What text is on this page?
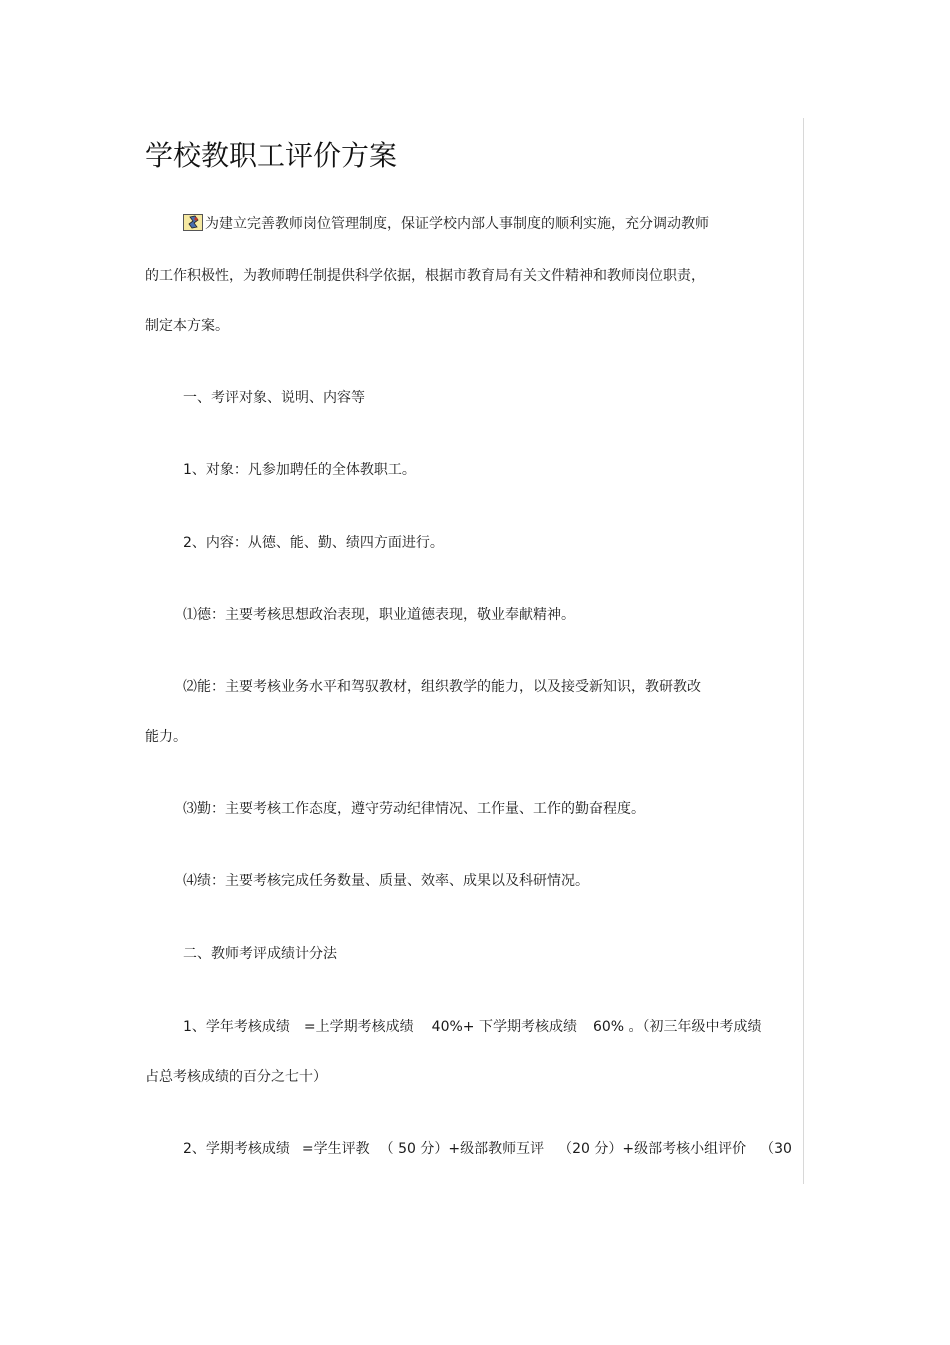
学校教职工评价方案
为建立完善教师岗位管理制度，保证学校内部人事制度的顺利实施，充分调动教师
的工作积极性，为教师聘任制提供科学依据，根据市教育局有关文件精神和教师岗位职责，
制定本方案。
一、考评对象、说明、内容等
1、对象：凡参加聘任的全体教职工。
2、内容：从德、能、勤、绩四方面进行。
⑴德：主要考核思想政治表现，职业道德表现，敬业奉献精神。
⑵能：主要考核业务水平和驾驭教材，组织教学的能力，以及接受新知识，教研教改
能力。
⑶勤：主要考核工作态度，遵守劳动纪律情况、工作量、工作的勤奋程度。
⑷绩：主要考核完成任务数量、质量、效率、成果以及科研情况。
二、教师考评成绩计分法
1、学年考核成绩 =上学期考核成绩 40%+ 下学期考核成绩 60% 。（初三年级中考成绩
占总考核成绩的百分之七十）
2、学期考核成绩 =学生评教 （ 50 分）+级部教师互评 （20 分）+级部考核小组评价 （30
